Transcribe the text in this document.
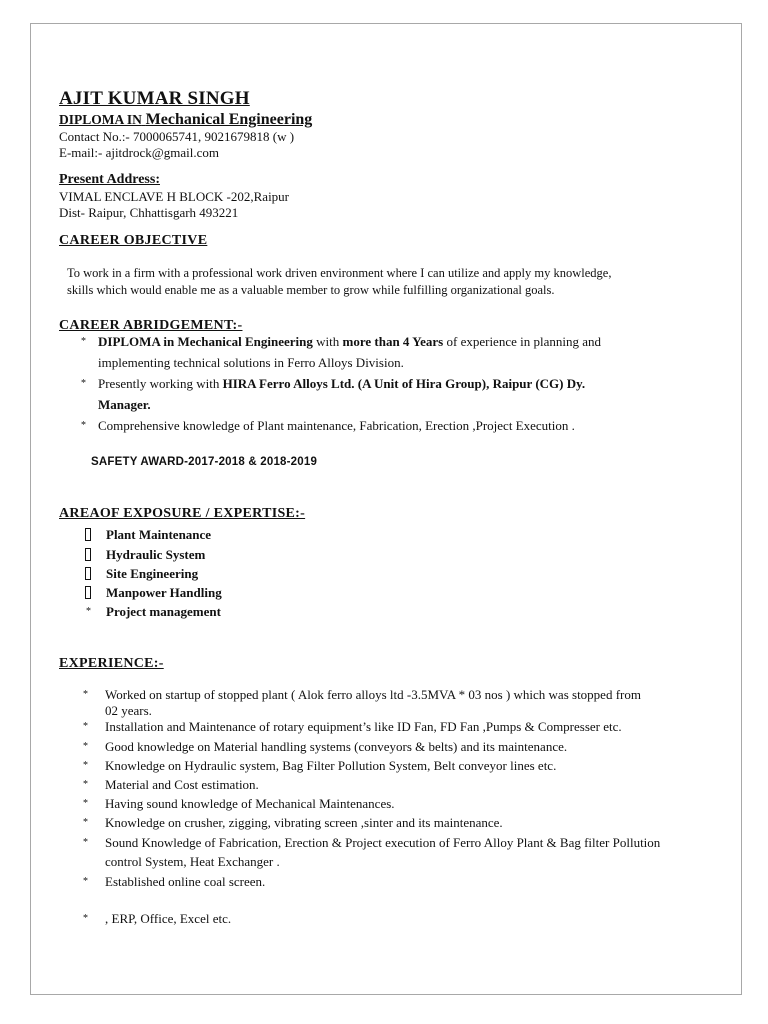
AJIT KUMAR SINGH
DIPLOMA IN Mechanical Engineering
Contact No.:- 7000065741, 9021679818 (w )
E-mail:- ajitdrock@gmail.com
Present Address:
VIMAL ENCLAVE H BLOCK -202,Raipur
Dist- Raipur, Chhattisgarh 493221
CAREER OBJECTIVE
To work in a firm with a professional work driven environment where I can utilize and apply my knowledge,
skills which would enable me as a valuable member to grow while fulfilling organizational goals.
CAREER ABRIDGEMENT:-
* DIPLOMA in Mechanical Engineering with more than 4 Years of experience in planning and
implementing technical solutions in Ferro Alloys Division.
* Presently working with HIRA Ferro Alloys Ltd. (A Unit of Hira Group), Raipur (CG) Dy.
Manager.
* Comprehensive knowledge of Plant maintenance, Fabrication, Erection ,Project Execution .
SAFETY AWARD-2017-2018 & 2018-2019
AREAOF EXPOSURE / EXPERTISE:-
Plant Maintenance
Hydraulic System
Site Engineering
Manpower Handling
* Project management
EXPERIENCE:-
* Worked on startup of stopped plant ( Alok ferro alloys ltd -3.5MVA * 03 nos ) which was stopped from
02 years.
* Installation and Maintenance of rotary equipment’s like ID Fan, FD Fan ,Pumps & Compresser etc.
* Good knowledge on Material handling systems (conveyors & belts) and its maintenance.
* Knowledge on Hydraulic system, Bag Filter Pollution System, Belt conveyor lines etc.
* Material and Cost estimation.
* Having sound knowledge of Mechanical Maintenances.
* Knowledge on crusher, zigging, vibrating screen ,sinter and its maintenance.
* Sound Knowledge of Fabrication, Erection & Project execution of Ferro Alloy Plant & Bag filter Pollution
control System, Heat Exchanger .
* Established online coal screen.
* , ERP, Office, Excel etc.
